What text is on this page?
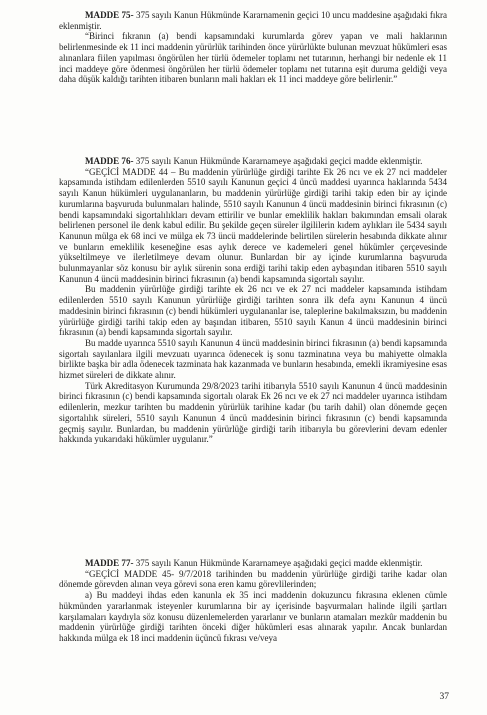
MADDE 75- 375 sayılı Kanun Hükmünde Kararnamenin geçici 10 uncu maddesine aşağıdaki fıkra eklenmiştir.

“Birinci fıkranın (a) bendi kapsamındaki kurumlarda görev yapan ve mali haklarının belirlenmesinde ek 11 inci maddenin yürürlük tarihinden önce yürürlükte bulunan mevzuat hükümleri esas alınanlara fiilen yapılması öngörülen her türlü ödemeler toplamı net tutarının, herhangi bir nedenle ek 11 inci maddeye göre ödenmesi öngörülen her türlü ödemeler toplamı net tutarına eşit duruma geldiği veya daha düşük kaldığı tarihten itibaren bunların mali hakları ek 11 inci maddeye göre belirlenir.”

MADDE 76- 375 sayılı Kanun Hükmünde Kararnameye aşağıdaki geçici madde eklenmiştir.

“GEÇİCİ MADDE 44 – Bu maddenin yürürlüğe girdiği tarihte Ek 26 ncı ve ek 27 nci maddeler kapsamında istihdam edilenlerden 5510 sayılı Kanunun geçici 4 üncü maddesi uyarınca haklarında 5434 sayılı Kanun hükümleri uygulananların, bu maddenin yürürlüğe girdiği tarihi takip eden bir ay içinde kurumlarına başvuruda bulunmaları halinde, 5510 sayılı Kanunun 4 üncü maddesinin birinci fıkrasının (c) bendi kapsamındaki sigortalılıkları devam ettirilir ve bunlar emeklilik hakları bakımından emsali olarak belirlenen personel ile denk kabul edilir. Bu şekilde geçen süreler ilgililerin kıdem aylıkları ile 5434 sayılı Kanunun mülga ek 68 inci ve mülga ek 73 üncü maddelerinde belirtilen sürelerin hesabında dikkate alınır ve bunların emeklilik keseneğine esas aylık derece ve kademeleri genel hükümler çerçevesinde yükseltilmeye ve ilerletilmeye devam olunur. Bunlardan bir ay içinde kurumlarına başvuruda bulunmayanlar söz konusu bir aylık sürenin sona erdiği tarihi takip eden aybaşından itibaren 5510 sayılı Kanunun 4 üncü maddesinin birinci fıkrasının (a) bendi kapsamında sigortalı sayılır.

Bu maddenin yürürlüğe girdiği tarihte ek 26 ncı ve ek 27 nci maddeler kapsamında istihdam edilenlerden 5510 sayılı Kanunun yürürlüğe girdiği tarihten sonra ilk defa aynı Kanunun 4 üncü maddesinin birinci fıkrasının (c) bendi hükümleri uygulananlar ise, taleplerine bakılmaksızın, bu maddenin yürürlüğe girdiği tarihi takip eden ay başından itibaren, 5510 sayılı Kanun 4 üncü maddesinin birinci fıkrasının (a) bendi kapsamında sigortalı sayılır.

Bu madde uyarınca 5510 sayılı Kanunun 4 üncü maddesinin birinci fıkrasının (a) bendi kapsamında sigortalı sayılanlara ilgili mevzuatı uyarınca ödenecek iş sonu tazminatına veya bu mahiyette olmakla birlikte başka bir adla ödenecek tazminata hak kazanmada ve bunların hesabında, emekli ikramiyesine esas hizmet süreleri de dikkate alınır.

Türk Akreditasyon Kurumunda 29/8/2023 tarihi itibarıyla 5510 sayılı Kanunun 4 üncü maddesinin birinci fıkrasının (c) bendi kapsamında sigortalı olarak Ek 26 ncı ve ek 27 nci maddeler uyarınca istihdam edilenlerin, mezkur tarihten bu maddenin yürürlük tarihine kadar (bu tarih dahil) olan dönemde geçen sigortalılık süreleri, 5510 sayılı Kanunun 4 üncü maddesinin birinci fıkrasının (c) bendi kapsamında geçmiş sayılır. Bunlardan, bu maddenin yürürlüğe girdiği tarih itibarıyla bu görevlerini devam edenler hakkında yukarıdaki hükümler uygulanır.”

MADDE 77- 375 sayılı Kanun Hükmünde Kararnameye aşağıdaki geçici madde eklenmiştir.

“GEÇİCİ MADDE 45- 9/7/2018 tarihinden bu maddenin yürürlüğe girdiği tarihe kadar olan dönemde görevden alınan veya görevi sona eren kamu görevlilerinden;

a) Bu maddeyi ihdas eden kanunla ek 35 inci maddenin dokuzuncu fıkrasına eklenen cümle hükmünden yararlanmak isteyenler kurumlarına bir ay içerisinde başvurmaları halinde ilgili şartları karşılamaları kaydıyla söz konusu düzenlemelerden yararlanır ve bunların atamaları mezkûr maddenin bu maddenin yürürlüğe girdiği tarihten önceki diğer hükümleri esas alınarak yapılır. Ancak bunlardan hakkında mülga ek 18 inci maddenin üçüncü fıkrası ve/veya

37
